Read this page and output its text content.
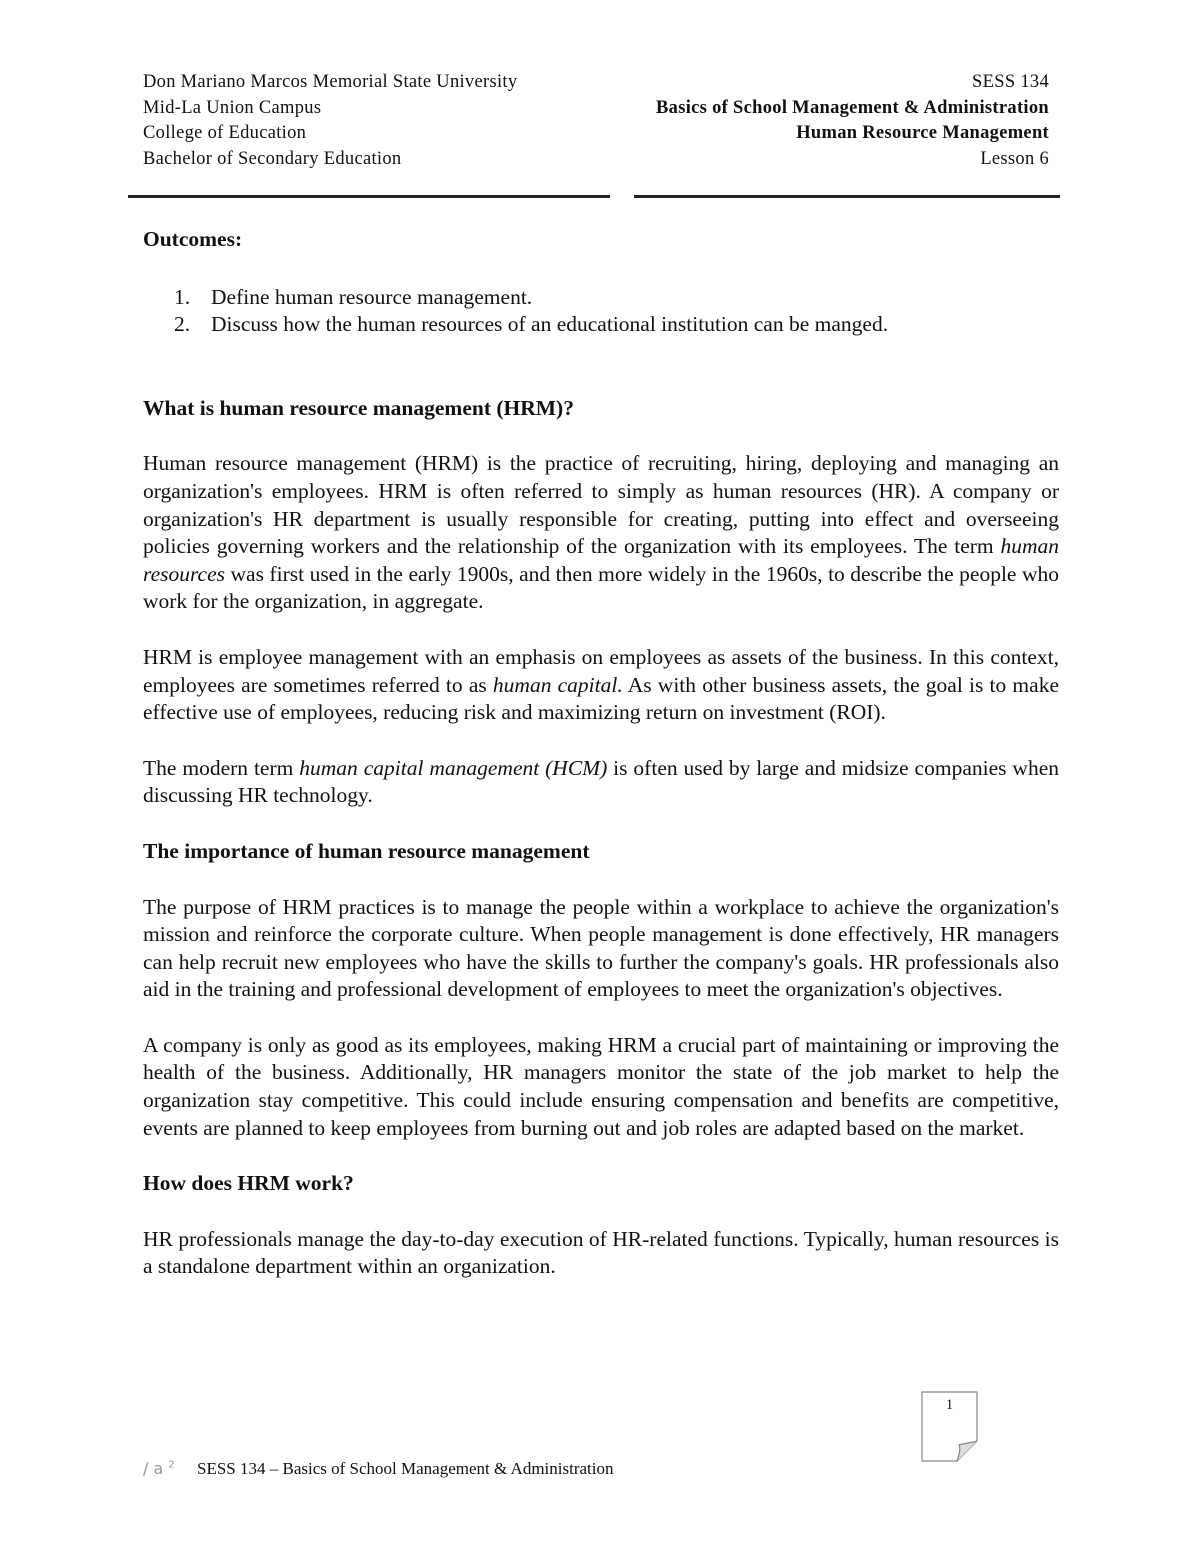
Don Mariano Marcos Memorial State University
Mid-La Union Campus
College of Education
Bachelor of Secondary Education
SESS 134
Basics of School Management & Administration
Human Resource Management
Lesson 6

Outcomes:

1. Define human resource management.
2. Discuss how the human resources of an educational institution can be manged.

What is human resource management (HRM)?

Human resource management (HRM) is the practice of recruiting, hiring, deploying and managing an organization's employees. HRM is often referred to simply as human resources (HR). A company or organization's HR department is usually responsible for creating, putting into effect and overseeing policies governing workers and the relationship of the organization with its employees. The term human resources was first used in the early 1900s, and then more widely in the 1960s, to describe the people who work for the organization, in aggregate.

HRM is employee management with an emphasis on employees as assets of the business. In this context, employees are sometimes referred to as human capital. As with other business assets, the goal is to make effective use of employees, reducing risk and maximizing return on investment (ROI).

The modern term human capital management (HCM) is often used by large and midsize companies when discussing HR technology.

The importance of human resource management

The purpose of HRM practices is to manage the people within a workplace to achieve the organization's mission and reinforce the corporate culture. When people management is done effectively, HR managers can help recruit new employees who have the skills to further the company's goals. HR professionals also aid in the training and professional development of employees to meet the organization's objectives.

A company is only as good as its employees, making HRM a crucial part of maintaining or improving the health of the business. Additionally, HR managers monitor the state of the job market to help the organization stay competitive. This could include ensuring compensation and benefits are competitive, events are planned to keep employees from burning out and job roles are adapted based on the market.

How does HRM work?

HR professionals manage the day-to-day execution of HR-related functions. Typically, human resources is a standalone department within an organization.

1
/ a $^2$ SESS 134 – Basics of School Management & Administration
